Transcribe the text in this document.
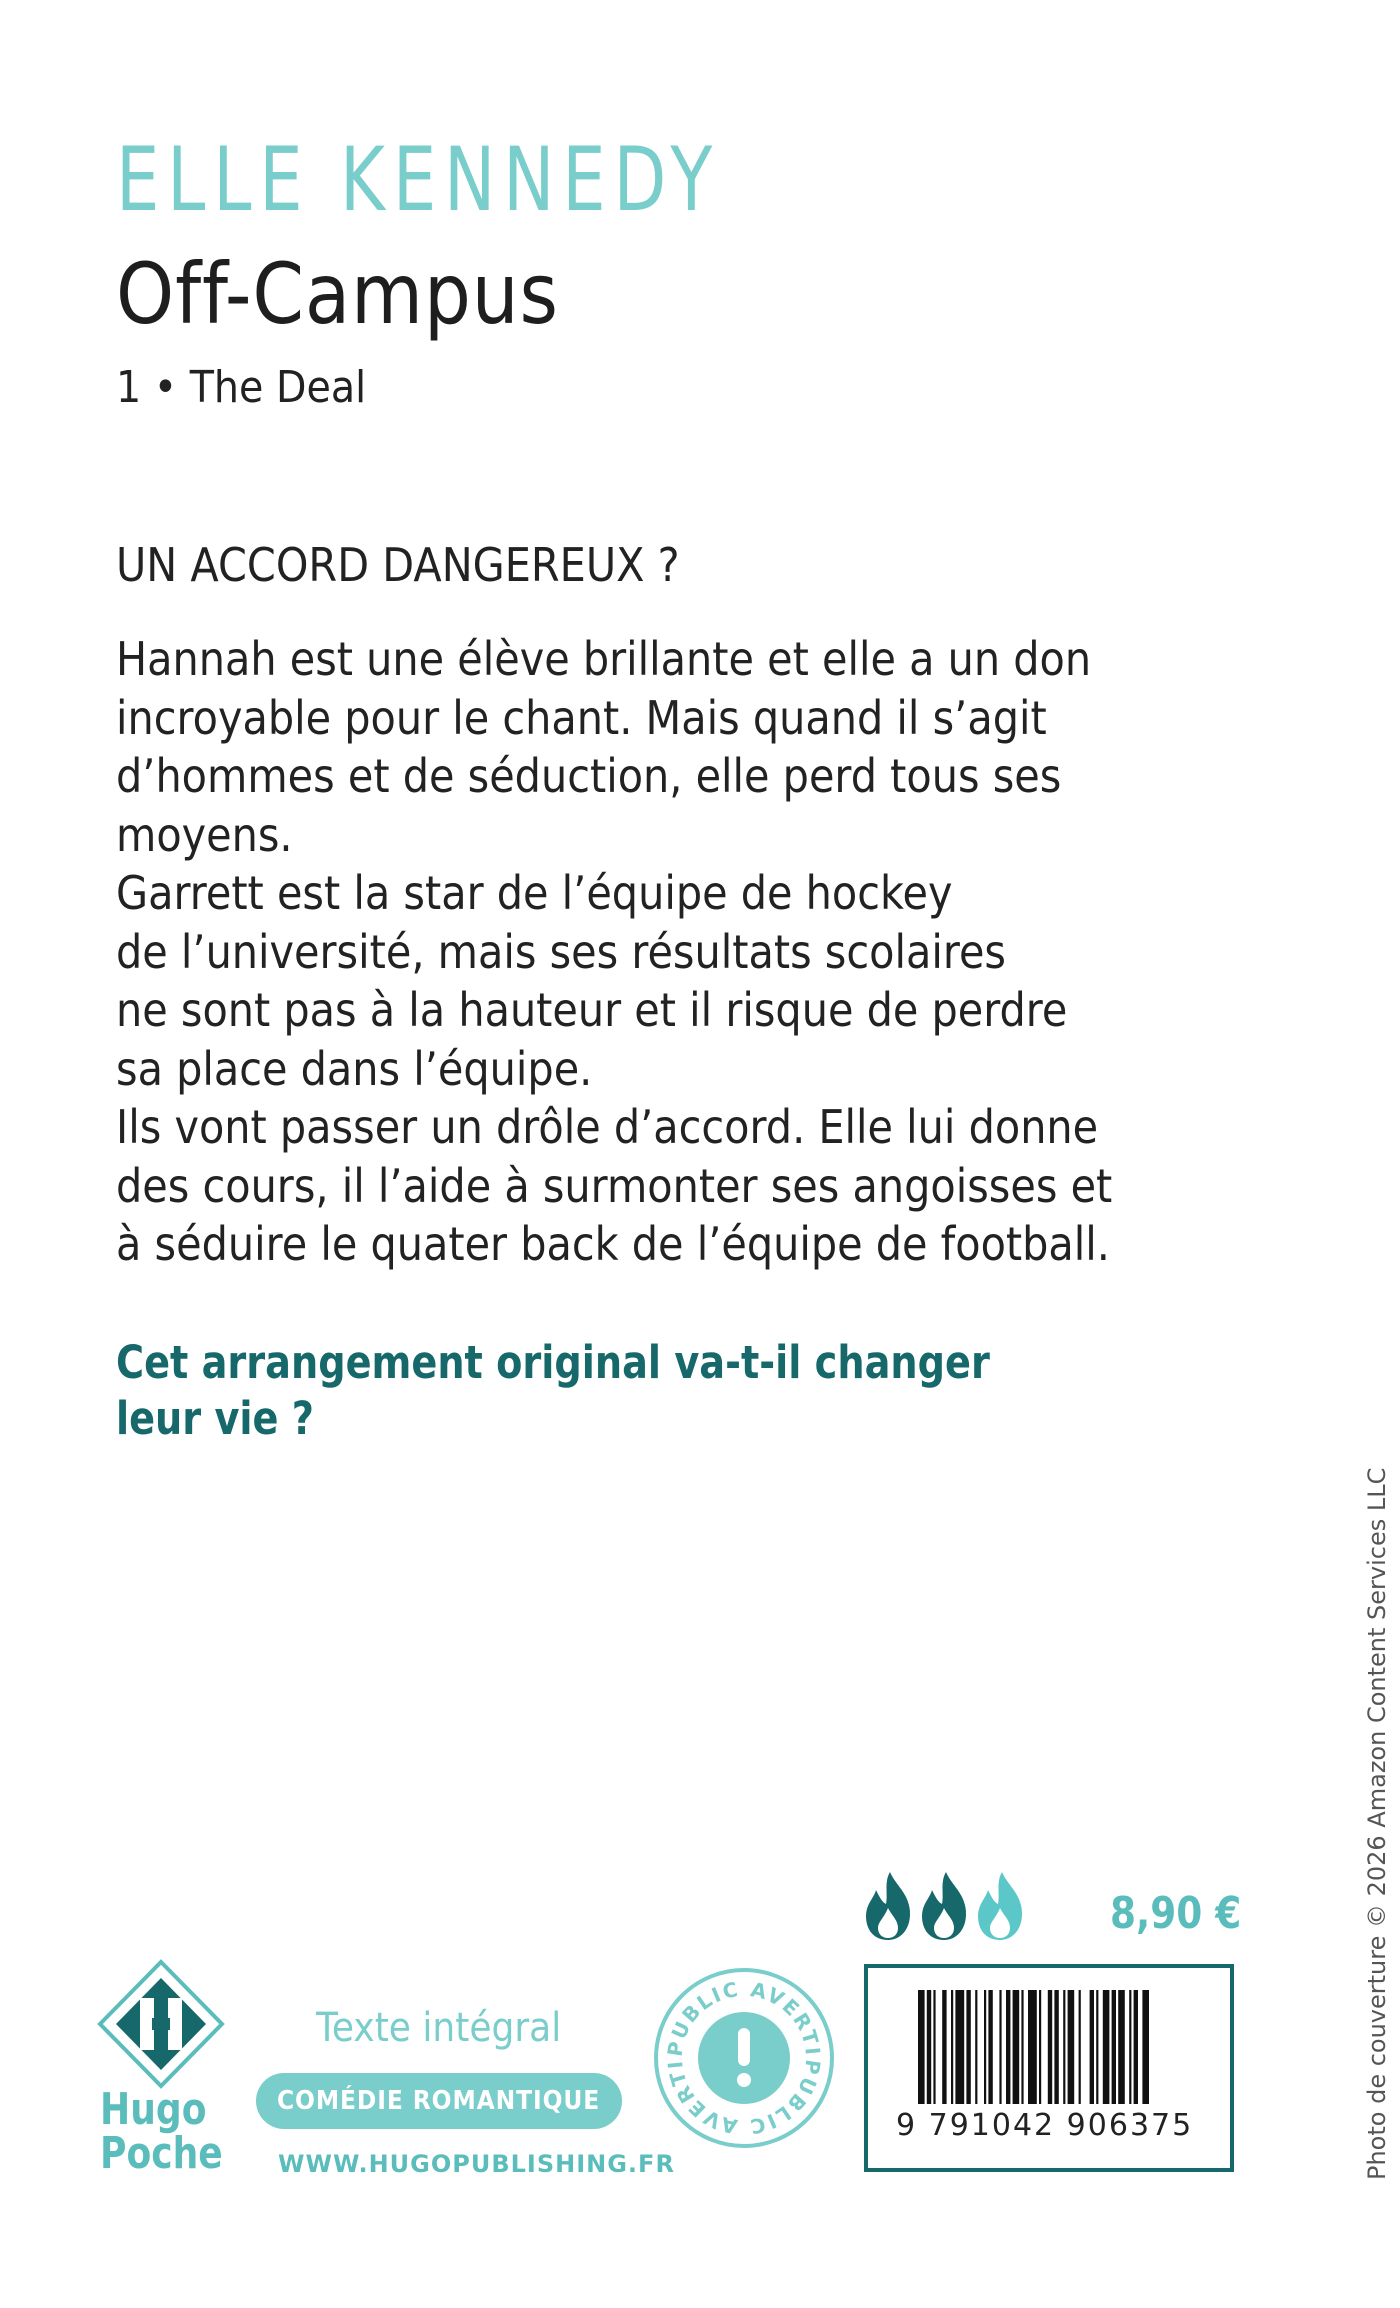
ELLE KENNEDY
Off-Campus
1 • The Deal
UN ACCORD DANGEREUX ?
Hannah est une élève brillante et elle a un don
incroyable pour le chant. Mais quand il s’agit
d’hommes et de séduction, elle perd tous ses
moyens.
Garrett est la star de l’équipe de hockey
de l’université, mais ses résultats scolaires
ne sont pas à la hauteur et il risque de perdre
sa place dans l’équipe.
Ils vont passer un drôle d’accord. Elle lui donne
des cours, il l’aide à surmonter ses angoisses et
à séduire le quater back de l’équipe de football.
Cet arrangement original va-t-il changer
leur vie ?
Photo de couverture © 2026 Amazon Content Services LLC
8,90 €
9 791042 906375
Hugo
Poche
Texte intégral
COMÉDIE ROMANTIQUE
WWW.HUGOPUBLISHING.FR
PUBLIC AVERTI
PUBLIC AVERTI
